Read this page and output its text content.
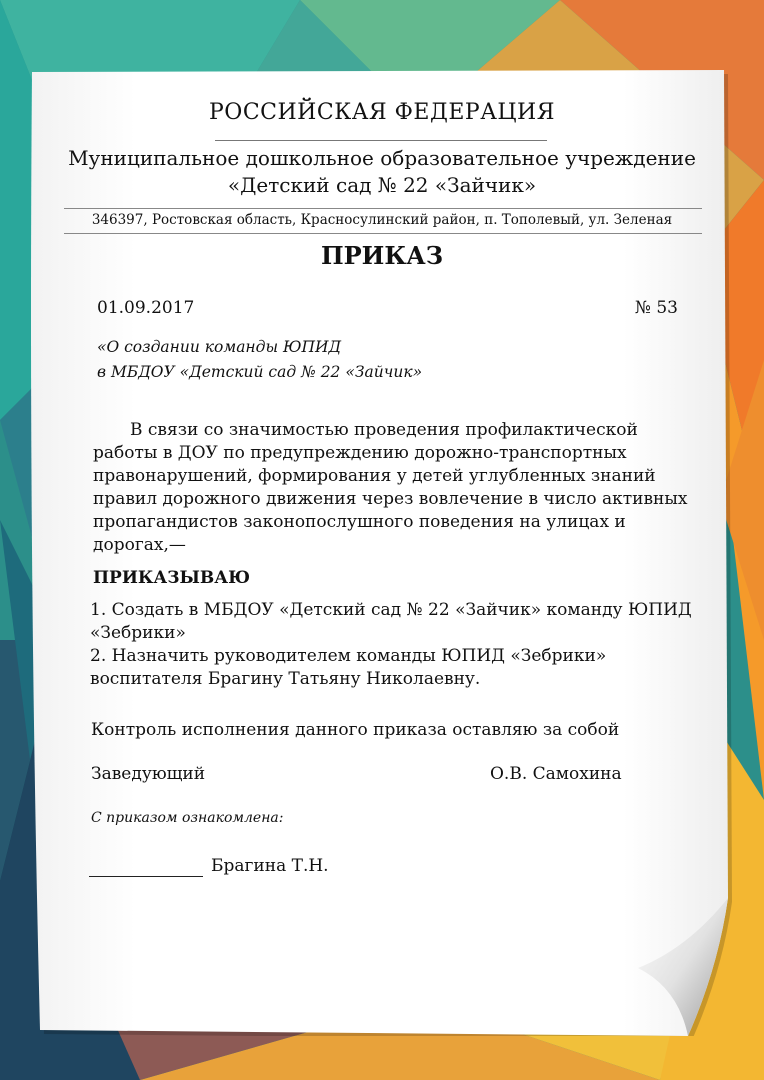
РОССИЙСКАЯ ФЕДЕРАЦИЯ
Муниципальное дошкольное образовательное учреждение
«Детский сад № 22 «Зайчик»
346397, Ростовская область, Красносулинский район, п. Тополевый, ул. Зеленая
ПРИКАЗ
01.09.2017	№ 53
«О создании команды ЮПИД
в МБДОУ «Детский сад № 22 «Зайчик»
В связи со значимостью проведения профилактической
работы в ДОУ по предупреждению дорожно-транспортных
правонарушений, формирования у детей углубленных знаний
правил дорожного движения через вовлечение в число активных
пропагандистов законопослушного поведения на улицах и
дорогах,—
ПРИКАЗЫВАЮ
1. Создать в МБДОУ «Детский сад № 22 «Зайчик» команду ЮПИД
«Зебрики»
2. Назначить руководителем команды ЮПИД «Зебрики»
воспитателя Брагину Татьяну Николаевну.
Контроль исполнения данного приказа оставляю за собой
Заведующий	О.В. Самохина
С приказом ознакомлена:
Брагина Т.Н.
